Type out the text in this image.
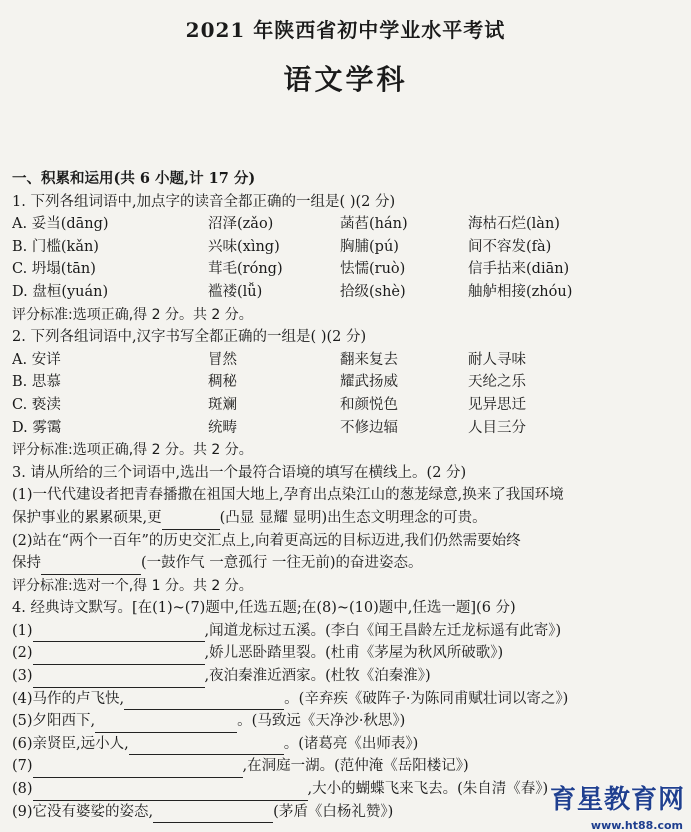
2021 年陕西省初中学业水平考试
语文学科
一、积累和运用(共 6 小题,计 17 分)
1. 下列各组词语中,加点字的读音全都正确的一组是( )(2 分)
A. 妥当(dāng)	沼泽(zǎo)	菡萏(hán)	海枯石烂(làn)
B. 门槛(kǎn)	兴味(xìng)	胸脯(pú)	间不容发(fà)
C. 坍塌(tān)	茸毛(róng)	怯懦(ruò)	信手拈来(diān)
D. 盘桓(yuán)	褴褛(lǚ)	拾级(shè)	舳舻相接(zhóu)
评分标准:选项正确,得 2 分。共 2 分。
2. 下列各组词语中,汉字书写全都正确的一组是( )(2 分)
A. 安详	冒然	翻来复去	耐人寻味
B. 思慕	稠秘	耀武扬威	天纶之乐
C. 亵渎	斑斓	和颜悦色	见异思迁
D. 雾霭	统畴	不修边辐	人目三分
评分标准:选项正确,得 2 分。共 2 分。
3. 请从所给的三个词语中,选出一个最符合语境的填写在横线上。(2 分)
(1)一代代建设者把青春播撒在祖国大地上,孕育出点染江山的葱茏绿意,换来了我国环境
保护事业的累累硕果,更	(凸显 显耀 显明)出生态文明理念的可贵。
(2)站在“两个一百年”的历史交汇点上,向着更高远的目标迈进,我们仍然需要始终
保持	(一鼓作气 一意孤行 一往无前)的奋进姿态。
评分标准:选对一个,得 1 分。共 2 分。
4. 经典诗文默写。[在(1)~(7)题中,任选五题;在(8)~(10)题中,任选一题](6 分)
(1)	,闻道龙标过五溪。(李白《闻王昌龄左迁龙标遥有此寄》)
(2)	,娇儿恶卧踏里裂。(杜甫《茅屋为秋风所破歌》)
(3)	,夜泊秦淮近酒家。(杜牧《泊秦淮》)
(4)马作的卢飞快,	。(辛弃疾《破阵子·为陈同甫赋壮词以寄之》)
(5)夕阳西下,	。(马致远《天净沙·秋思》)
(6)亲贤臣,远小人,	。(诸葛亮《出师表》)
(7)	,在洞庭一湖。(范仲淹《岳阳楼记》)
(8)	,大小的蝴蝶飞来飞去。(朱自清《春》)
(9)它没有婆娑的姿态,	(茅盾《白杨礼赞》)	育星教育网
www.ht88.com
